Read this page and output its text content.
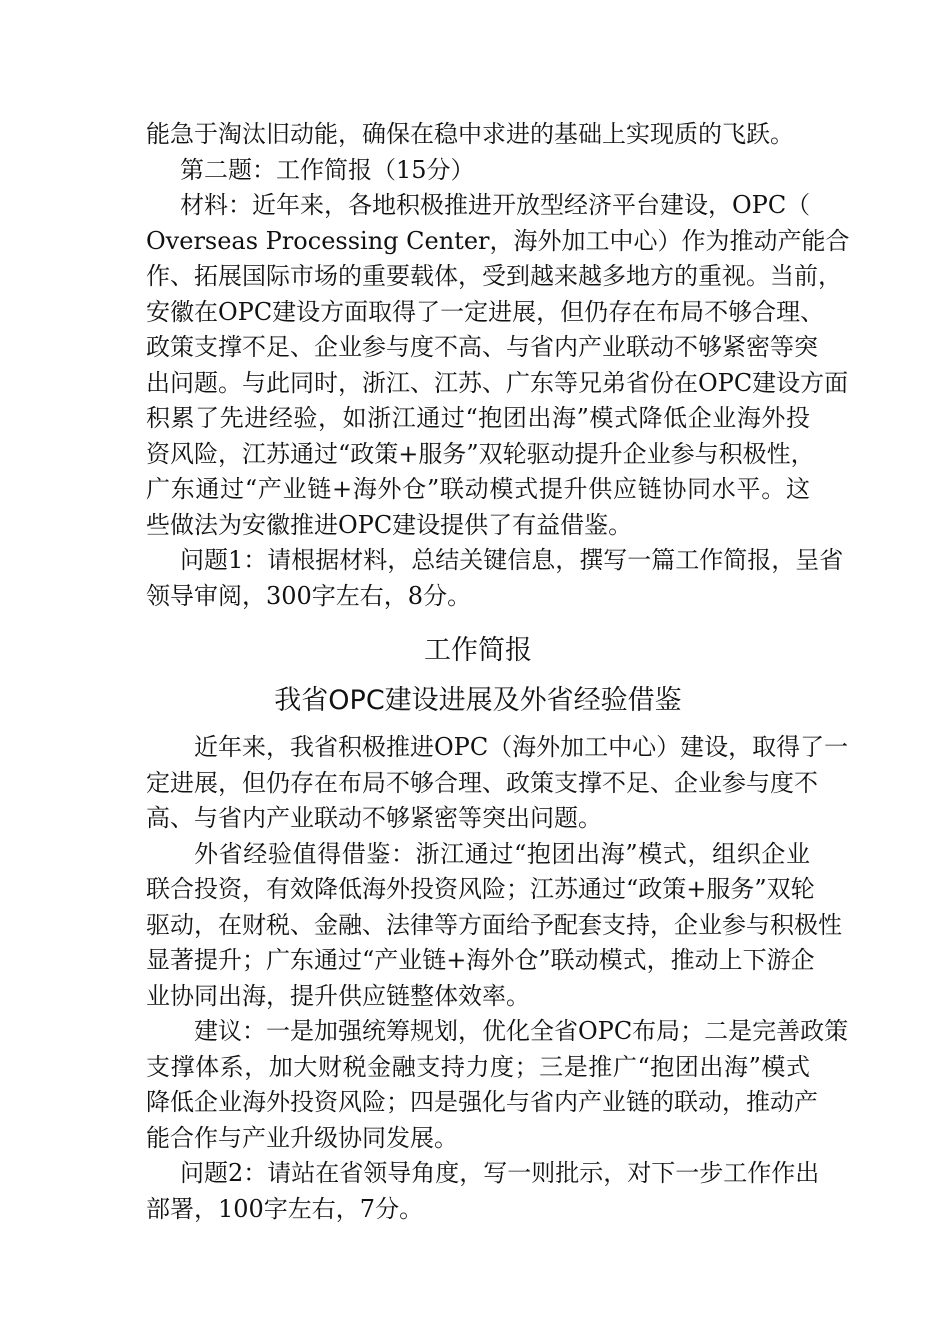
能急于淘汰旧动能，确保在稳中求进的基础上实现质的飞跃。
第二题：工作简报（15分）
材料：近年来，各地积极推进开放型经济平台建设，OPC（
Overseas Processing Center，海外加工中心）作为推动产能合
作、拓展国际市场的重要载体，受到越来越多地方的重视。当前，
安徽在OPC建设方面取得了一定进展，但仍存在布局不够合理、
政策支撑不足、企业参与度不高、与省内产业联动不够紧密等突
出问题。与此同时，浙江、江苏、广东等兄弟省份在OPC建设方面
积累了先进经验，如浙江通过“抱团出海”模式降低企业海外投
资风险，江苏通过“政策+服务”双轮驱动提升企业参与积极性，
广东通过“产业链+海外仓”联动模式提升供应链协同水平。这
些做法为安徽推进OPC建设提供了有益借鉴。
问题1：请根据材料，总结关键信息，撰写一篇工作简报，呈省
领导审阅，300字左右，8分。
工作简报
我省OPC建设进展及外省经验借鉴
近年来，我省积极推进OPC（海外加工中心）建设，取得了一
定进展，但仍存在布局不够合理、政策支撑不足、企业参与度不
高、与省内产业联动不够紧密等突出问题。
外省经验值得借鉴：浙江通过“抱团出海”模式，组织企业
联合投资，有效降低海外投资风险；江苏通过“政策+服务”双轮
驱动，在财税、金融、法律等方面给予配套支持，企业参与积极性
显著提升；广东通过“产业链+海外仓”联动模式，推动上下游企
业协同出海，提升供应链整体效率。
建议：一是加强统筹规划，优化全省OPC布局；二是完善政策
支撑体系，加大财税金融支持力度；三是推广“抱团出海”模式
降低企业海外投资风险；四是强化与省内产业链的联动，推动产
能合作与产业升级协同发展。
问题2：请站在省领导角度，写一则批示，对下一步工作作出
部署，100字左右，7分。
